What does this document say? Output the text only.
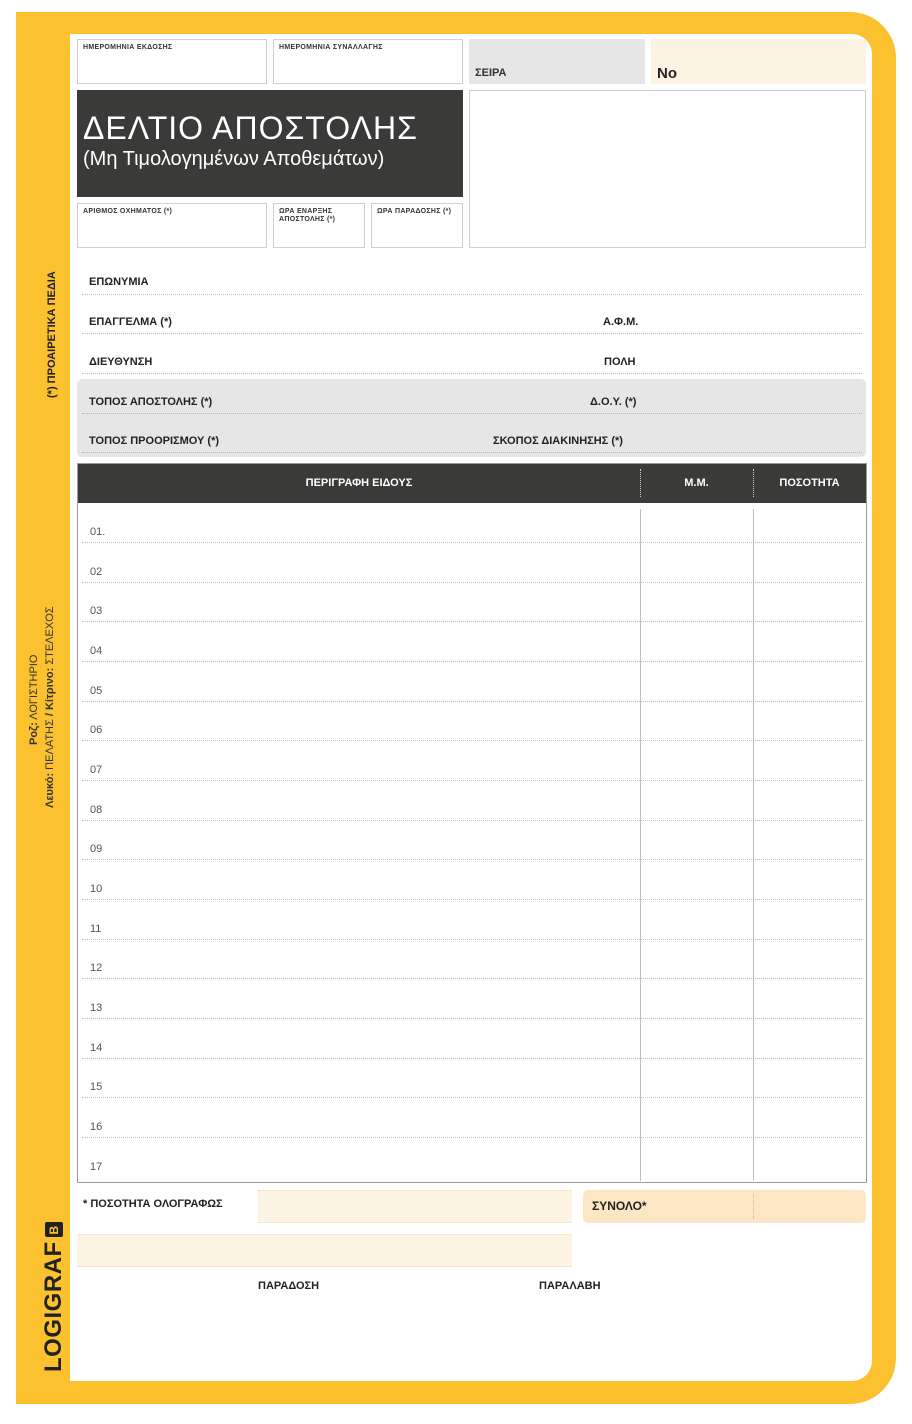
(*) ΠΡΟΑΙΡΕΤΙΚΑ ΠΕΔΙΑ
Ροζ: ΛΟΓΙΣΤΗΡΙΟ
Λευκό: ΠΕΛΑΤΗΣ / Κίτρινο: ΣΤΕΛΕΧΟΣ
LOGIGRAF
B
ΗΜΕΡΟΜΗΝΙΑ ΕΚΔΟΣΗΣ	ΗΜΕΡΟΜΗΝΙΑ ΣΥΝΑΛΛΑΓΗΣ
ΣΕΙΡΑ	Νο
ΔΕΛΤΙΟ ΑΠΟΣΤΟΛΗΣ
(Μη Τιμολογημένων Αποθεμάτων)
ΑΡΙΘΜΟΣ ΟΧΗΜΑΤΟΣ (*)	ΩΡΑ ΕΝΑΡΞΗΣ ΑΠΟΣΤΟΛΗΣ (*)
ΩΡΑ ΠΑΡΑΔΟΣΗΣ (*)
ΕΠΩΝΥΜΙΑ
ΕΠΑΓΓΕΛΜΑ (*)	Α.Φ.Μ.
ΔΙΕΥΘΥΝΣΗ	ΠΟΛΗ
ΤΟΠΟΣ ΑΠΟΣΤΟΛΗΣ (*)	Δ.Ο.Υ. (*)
ΤΟΠΟΣ ΠΡΟΟΡΙΣΜΟΥ (*)	ΣΚΟΠΟΣ ΔΙΑΚΙΝΗΣΗΣ (*)
ΠΕΡΙΓΡΑΦΗ ΕΙΔΟΥΣ	Μ.Μ.	ΠΟΣΟΤΗΤΑ
01.
02
03
04
05
06
07
08
09
10
11
12
13
14
15
16
17
* ΠΟΣΟΤΗΤΑ ΟΛΟΓΡΑΦΩΣ	ΣΥΝΟΛΟ*
ΠΑΡΑΔΟΣΗ	ΠΑΡΑΛΑΒΗ
